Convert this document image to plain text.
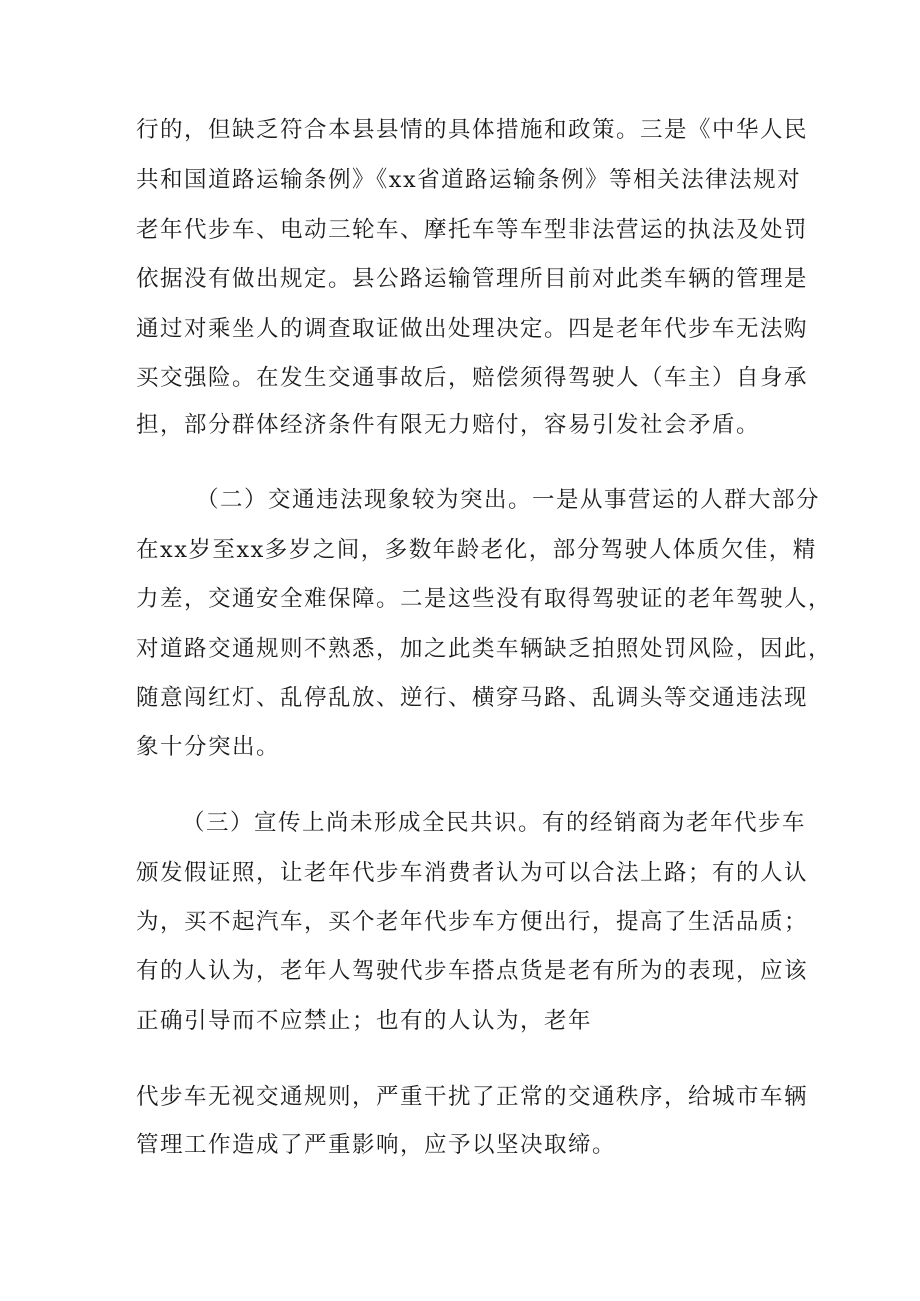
行的，但缺乏符合本县县情的具体措施和政策。三是《中华人民
共和国道路运输条例》《xx省道路运输条例》等相关法律法规对
老年代步车、电动三轮车、摩托车等车型非法营运的执法及处罚
依据没有做出规定。县公路运输管理所目前对此类车辆的管理是
通过对乘坐人的调查取证做出处理决定。四是老年代步车无法购
买交强险。在发生交通事故后，赔偿须得驾驶人（车主）自身承
担，部分群体经济条件有限无力赔付，容易引发社会矛盾。
（二）交通违法现象较为突出。一是从事营运的人群大部分
在xx岁至xx多岁之间，多数年龄老化，部分驾驶人体质欠佳，精
力差，交通安全难保障。二是这些没有取得驾驶证的老年驾驶人，
对道路交通规则不熟悉，加之此类车辆缺乏拍照处罚风险，因此，
随意闯红灯、乱停乱放、逆行、横穿马路、乱调头等交通违法现
象十分突出。
（三）宣传上尚未形成全民共识。有的经销商为老年代步车
颁发假证照，让老年代步车消费者认为可以合法上路；有的人认
为，买不起汽车，买个老年代步车方便出行，提高了生活品质；
有的人认为，老年人驾驶代步车搭点货是老有所为的表现，应该
正确引导而不应禁止；也有的人认为，老年
代步车无视交通规则，严重干扰了正常的交通秩序，给城市车辆
管理工作造成了严重影响，应予以坚决取缔。
